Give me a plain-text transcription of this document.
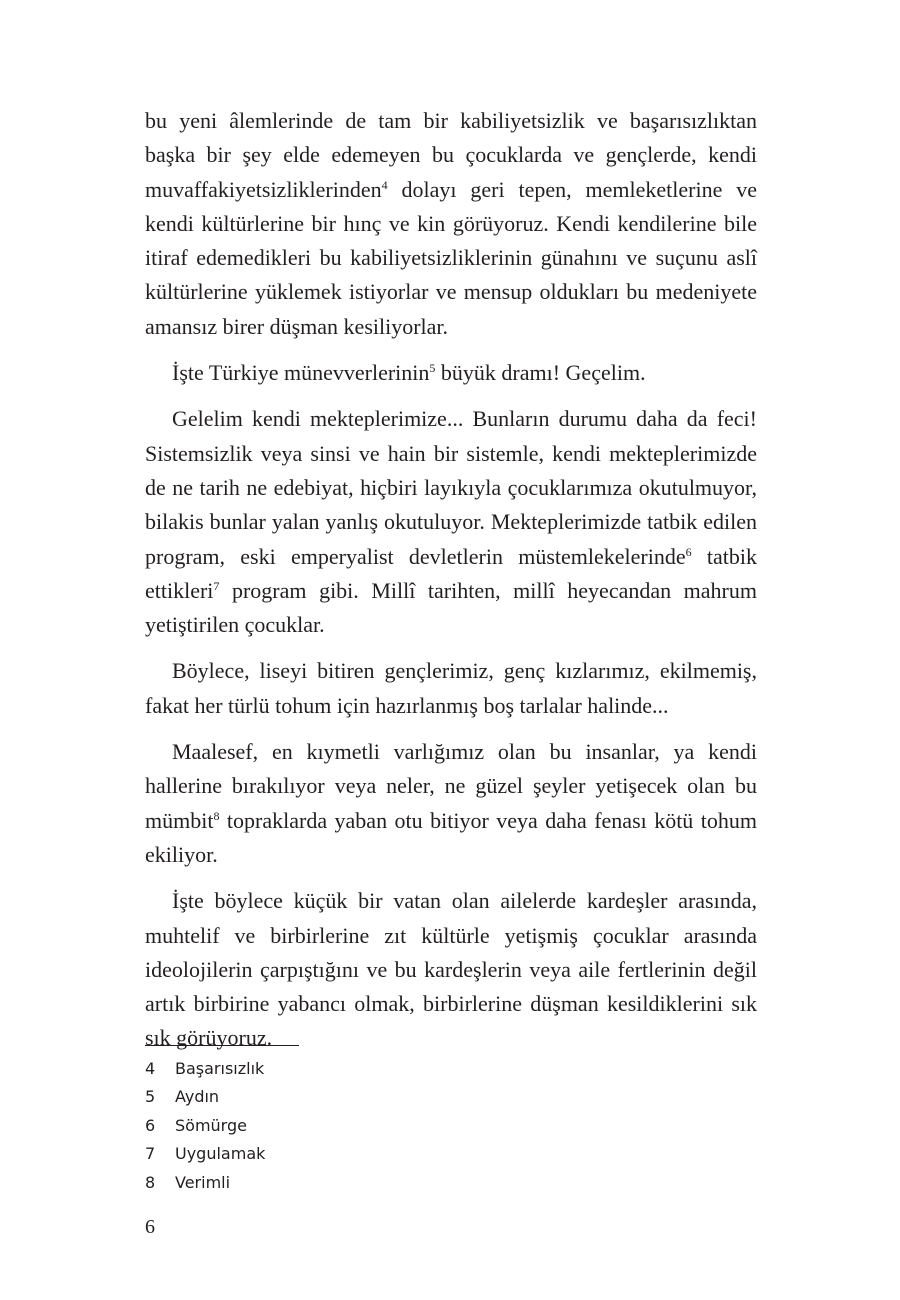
bu yeni âlemlerinde de tam bir kabiliyetsizlik ve başarısızlıktan başka bir şey elde edemeyen bu çocuklarda ve gençlerde, kendi muvaffakiyetsizliklerinden$^4$ dolayı geri tepen, memleketlerine ve kendi kültürlerine bir hınç ve kin görüyoruz. Kendi kendilerine bile itiraf edemedikleri bu kabiliyetsizliklerinin günahını ve suçunu aslî kültürlerine yüklemek istiyorlar ve mensup oldukları bu medeniyete amansız birer düşman kesiliyorlar.

İşte Türkiye münevverlerinin$^5$ büyük dramı! Geçelim.

Gelelim kendi mekteplerimize... Bunların durumu daha da feci! Sistemsizlik veya sinsi ve hain bir sistemle, kendi mekteplerimizde de ne tarih ne edebiyat, hiçbiri layıkıyla çocuklarımıza okutulmuyor, bilakis bunlar yalan yanlış okutuluyor. Mekteplerimizde tatbik edilen program, eski emperyalist devletlerin müstemlekelerinde$^6$ tatbik ettikleri$^7$ program gibi. Millî tarihten, millî heyecandan mahrum yetiştirilen çocuklar.

Böylece, liseyi bitiren gençlerimiz, genç kızlarımız, ekilmemiş, fakat her türlü tohum için hazırlanmış boş tarlalar halinde...

Maalesef, en kıymetli varlığımız olan bu insanlar, ya kendi hallerine bırakılıyor veya neler, ne güzel şeyler yetişecek olan bu mümbit$^8$ topraklarda yaban otu bitiyor veya daha fenası kötü tohum ekiliyor.

İşte böylece küçük bir vatan olan ailelerde kardeşler arasında, muhtelif ve birbirlerine zıt kültürle yetişmiş çocuklar arasında ideolojilerin çarpıştığını ve bu kardeşlerin veya aile fertlerinin değil artık birbirine yabancı olmak, birbirlerine düşman kesildiklerini sık sık görüyoruz.

4	Başarısızlık
5	Aydın
6	Sömürge
7	Uygulamak
8	Verimli
6
